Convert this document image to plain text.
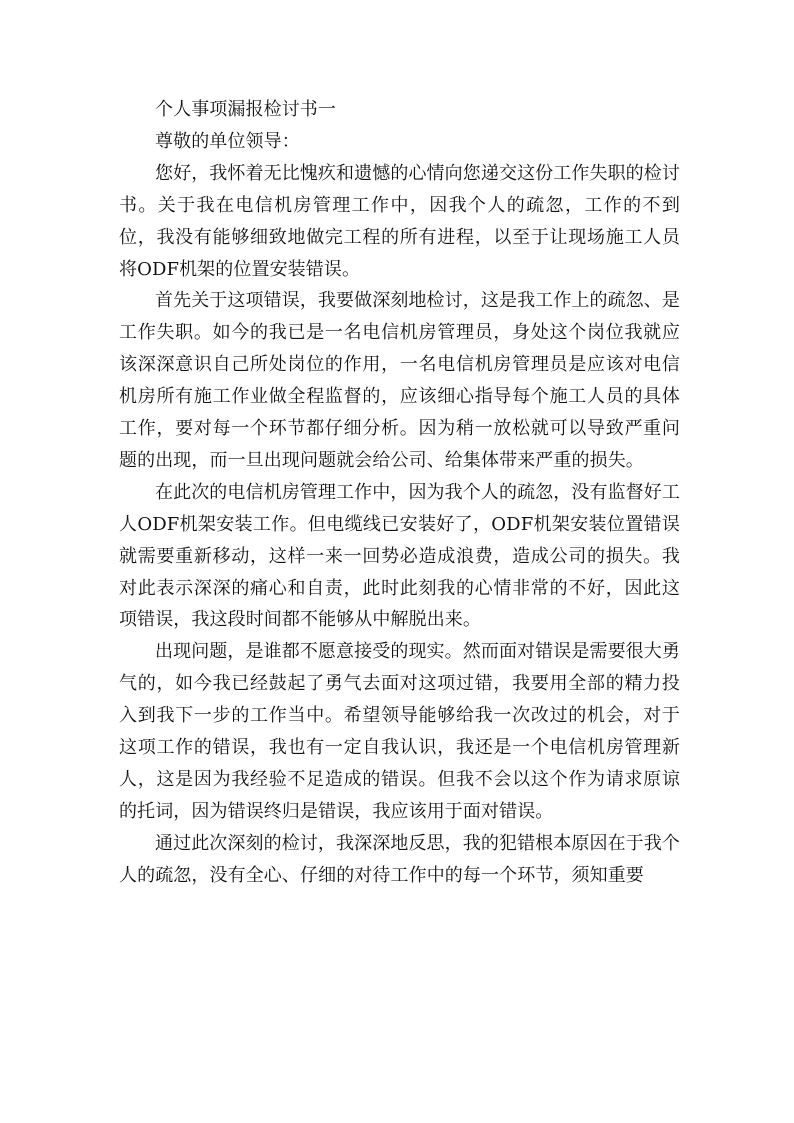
个人事项漏报检讨书一

尊敬的单位领导：

您好，我怀着无比愧疚和遗憾的心情向您递交这份工作失职的检讨书。关于我在电信机房管理工作中，因我个人的疏忽，工作的不到位，我没有能够细致地做完工程的所有进程，以至于让现场施工人员将ODF机架的位置安装错误。

首先关于这项错误，我要做深刻地检讨，这是我工作上的疏忽、是工作失职。如今的我已是一名电信机房管理员，身处这个岗位我就应该深深意识自己所处岗位的作用，一名电信机房管理员是应该对电信机房所有施工作业做全程监督的，应该细心指导每个施工人员的具体工作，要对每一个环节都仔细分析。因为稍一放松就可以导致严重问题的出现，而一旦出现问题就会给公司、给集体带来严重的损失。

在此次的电信机房管理工作中，因为我个人的疏忽，没有监督好工人ODF机架安装工作。但电缆线已安装好了，ODF机架安装位置错误就需要重新移动，这样一来一回势必造成浪费，造成公司的损失。我对此表示深深的痛心和自责，此时此刻我的心情非常的不好，因此这项错误，我这段时间都不能够从中解脱出来。

出现问题，是谁都不愿意接受的现实。然而面对错误是需要很大勇气的，如今我已经鼓起了勇气去面对这项过错，我要用全部的精力投入到我下一步的工作当中。希望领导能够给我一次改过的机会，对于这项工作的错误，我也有一定自我认识，我还是一个电信机房管理新人，这是因为我经验不足造成的错误。但我不会以这个作为请求原谅的托词，因为错误终归是错误，我应该用于面对错误。

通过此次深刻的检讨，我深深地反思，我的犯错根本原因在于我个人的疏忽，没有全心、仔细的对待工作中的每一个环节，须知重要
